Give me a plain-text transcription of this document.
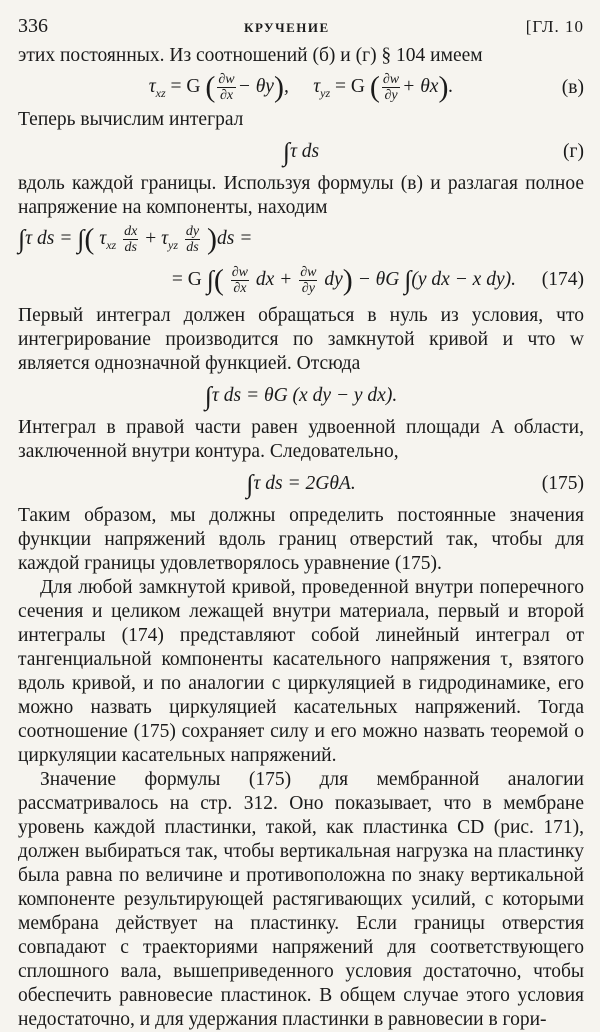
336	КРУЧЕНИЕ	[ГЛ. 10

этих постоянных. Из соотношений (б) и (г) § 104 имеем

$\tau_{xz} = G$ ( $\frac{\partial w}{\partial x} - \theta y$),     $\tau_{yz} = G$ ( $\frac{\partial w}{\partial y} + \theta x$).	(в)

Теперь вычислим интеграл

∫τ ds	(г)

вдоль каждой границы. Используя формулы (в) и разлагая полное напряжение на компоненты, находим

∫τ ds = ∫( $\tau_{xz} \frac{dx}{ds} + \tau_{yz} \frac{dy}{ds} )ds$ =
= G ∫( $\frac{\partial w}{\partial x}$ dx + $\frac{\partial w}{\partial y} dy) - \theta G$ ∫(y dx − x dy). (174)

Первый интеграл должен обращаться в нуль из условия, что интегрирование производится по замкнутой кривой и что w является однозначной функцией. Отсюда

∫τ ds = θG (x dy − y dx).

Интеграл в правой части равен удвоенной площади A области, заключенной внутри контура. Следовательно,

∫τ ds = 2GθA.	(175)

Таким образом, мы должны определить постоянные значения функции напряжений вдоль границ отверстий так, чтобы для каждой границы удовлетворялось уравнение (175).

Для любой замкнутой кривой, проведенной внутри поперечного сечения и целиком лежащей внутри материала, первый и второй интегралы (174) представляют собой линейный интеграл от тангенциальной компоненты касательного напряжения τ, взятого вдоль кривой, и по аналогии с циркуляцией в гидродинамике, его можно назвать циркуляцией касательных напряжений. Тогда соотношение (175) сохраняет силу и его можно назвать теоремой о циркуляции касательных напряжений.

Значение формулы (175) для мембранной аналогии рассматривалось на стр. 312. Оно показывает, что в мембране уровень каждой пластинки, такой, как пластинка CD (рис. 171), должен выбираться так, чтобы вертикальная нагрузка на пластинку была равна по величине и противоположна по знаку вертикальной компоненте результирующей растягивающих усилий, с которыми мембрана действует на пластинку. Если границы отверстия совпадают с траекториями напряжений для соответствующего сплошного вала, вышеприведенного условия достаточно, чтобы обеспечить равновесие пластинок. В общем случае этого условия недостаточно, и для удержания пластинки в равновесии в гори-
